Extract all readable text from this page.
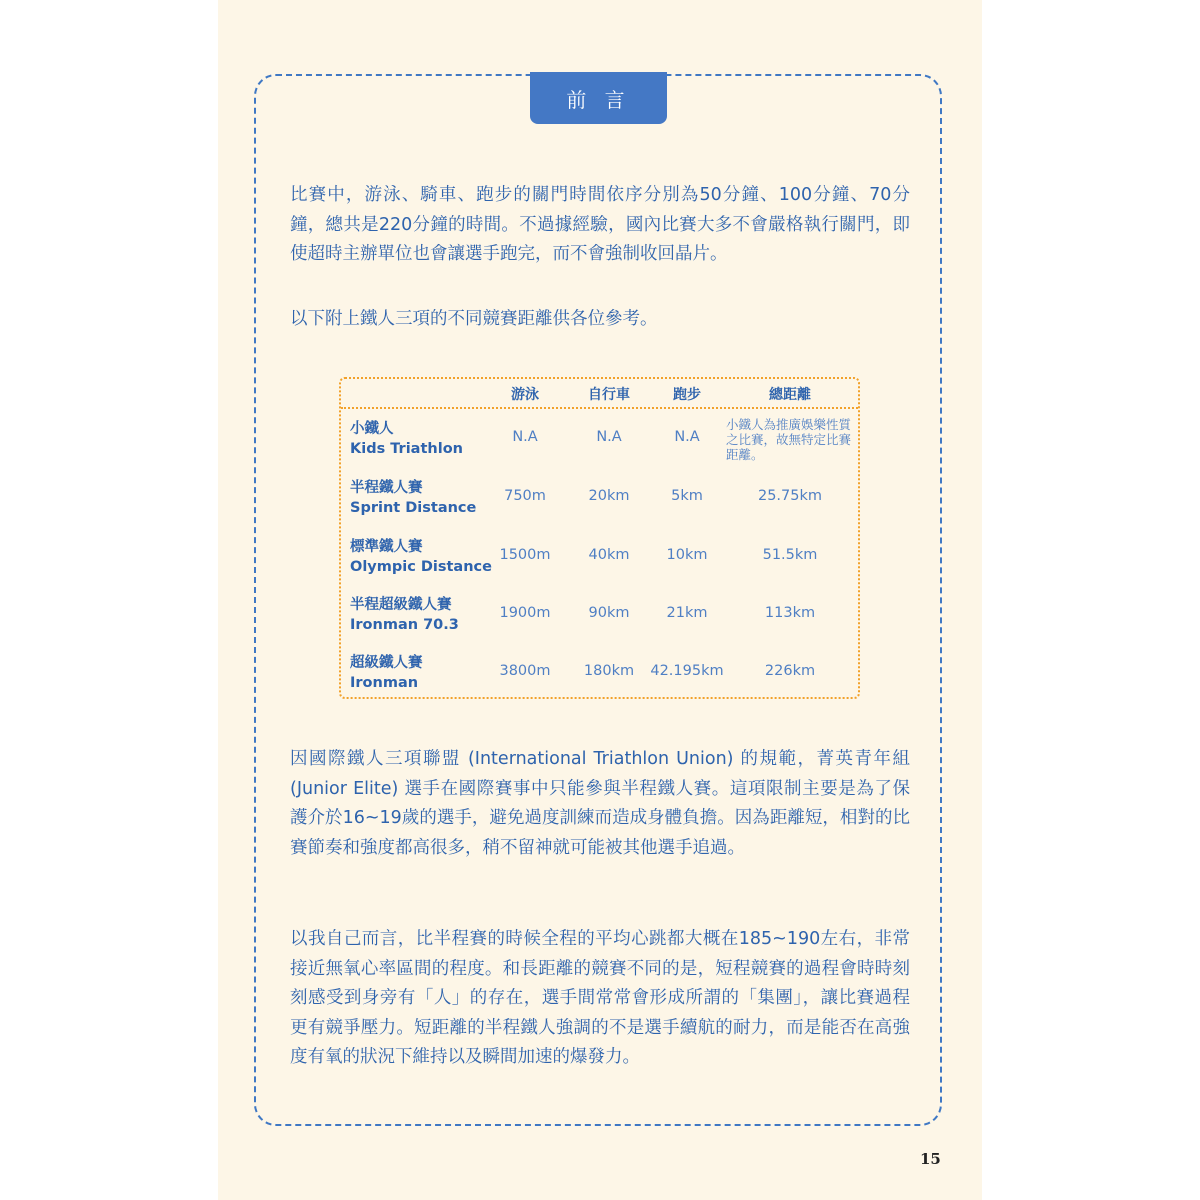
前 言

比賽中，游泳、騎車、跑步的關門時間依序分別為50分鐘、100分鐘、70分鐘，總共是220分鐘的時間。不過據經驗，國內比賽大多不會嚴格執行關門，即使超時主辦單位也會讓選手跑完，而不會強制收回晶片。

以下附上鐵人三項的不同競賽距離供各位參考。

游泳	自行車	跑步	總距離
小鐵人
Kids Triathlon
N.A	N.A	N.A
小鐵人為推廣娛樂性質之比賽，故無特定比賽距離。
半程鐵人賽
Sprint Distance
750m	20km	5km	25.75km
標準鐵人賽
Olympic Distance
1500m	40km	10km	51.5km
半程超級鐵人賽
Ironman 70.3
1900m	90km	21km	113km
超級鐵人賽
Ironman
3800m	180km	42.195km	226km

因國際鐵人三項聯盟 (International Triathlon Union) 的規範，菁英青年組 (Junior Elite) 選手在國際賽事中只能參與半程鐵人賽。這項限制主要是為了保護介於16~19歲的選手，避免過度訓練而造成身體負擔。因為距離短，相對的比賽節奏和強度都高很多，稍不留神就可能被其他選手追過。

以我自己而言，比半程賽的時候全程的平均心跳都大概在185~190左右，非常接近無氧心率區間的程度。和長距離的競賽不同的是，短程競賽的過程會時時刻刻感受到身旁有「人」的存在，選手間常常會形成所謂的「集團」，讓比賽過程更有競爭壓力。短距離的半程鐵人強調的不是選手續航的耐力，而是能否在高強度有氧的狀況下維持以及瞬間加速的爆發力。

15
